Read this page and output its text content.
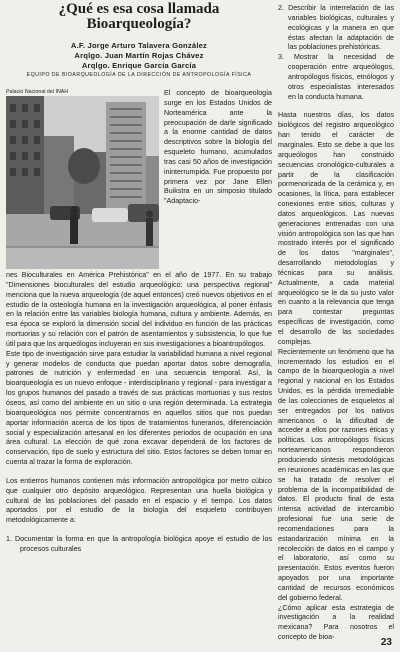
¿Qué es esa cosa llamada Bioarqueología?
A.F. Jorge Arturo Talavera González
Arqlgo. Juan Martín Rojas Chávez
Arqlgo. Enrique García García
EQUIPO DE BIOARQUEOLOGÍA DE LA DIRECCIÓN DE ANTROPOLOGÍA FÍSICA
Palacio Nacional del INAH	El concepto de bioarqueología surge en los Estados Unidos de Norteamérica ante la preocupación de darle significado a la enorme cantidad de datos descriptivos sobre la biología del esqueleto humano, acumulados tras casi 50 años de investigación ininterrumpida. Fue propuesto por primera vez por Jane Ellen Buikstra en un simposio titulado "Adaptacio-

nes Bioculturales en América Prehistórica" en el año de 1977. En su trabajo "Dimensiones bioculturales del estudio arqueológico: una perspectiva regional" menciona que la nueva arqueología (de aquel entonces) creó nuevos objetivos en el estudio de la osteología humana en la investigación arqueológica, al poner énfasis en la relación entre las variables biología humana, cultura y ambiente. Además, en esa época se exploró la dimensión social del individuo en función de las prácticas mortuorias y su relación con el patrón de asentamientos y subsistencia, lo que fue útil para que los arqueólogos incluyeran en sus investigaciones a bioantropólogos.

Este tipo de investigación sirve para estudiar la variabilidad humana a nivel regional y generar modelos de conducta que puedan aportar datos sobre demografía, patrones de nutrición y enfermedad en una secuencia temporal. Así, la bioarqueología es un nuevo enfoque - interdisciplinario y regional - para investigar a los grupos humanos del pasado a través de sus prácticas mortuorias y sus restos óseos, así como del ambiente en un sitio o una región determinada. La estrategia bioarqueológica nos permite concentrarnos en aquellos sitios que nos puedan aportar información acerca de los tipos de tratamientos funerarios, diferenciación social y especialización artesanal en los diferentes periodos de ocupación en una área cultural. La elección de qué zona excavar dependerá de los factores de conservación, tipo de suelo y estructura del sitio. Estos factores se deben tomar en cuenta al trazar la forma de exploración.

Los entierros humanos contienen más información antropológica por metro cúbico que cualquier otro depósito arqueológico. Representan una huella biológica y cultural de las poblaciones del pasado en el espacio y el tiempo. Los datos aportados por el estudio de la biología del esqueleto contribuyen metodológicamente a:

1. Documentar la forma en que la antropología biológica apoye el estudio de los procesos culturales

2. Describir la interrelación de las variables biológicas, culturales y ecológicas y la manera en que éstas afectan la adaptación de las poblaciones prehistóricas.

3. Mostrar la necesidad de cooperación entre arqueólogos, antropólogos físicos, etnólogos y otros especialistas interesados en la conducta humana.

Hasta nuestros días, los datos biológicos del registro arqueológico han tenido el carácter de marginales. Esto se debe a que los arqueólogos han construido secuencias cronológico-culturales a partir de la clasificación pormenorizada de la cerámica y, en ocasiones, la lítica, para establecer conexiones entre sitios, culturas y datos arqueológicos. Las nuevas generaciones entrenadas con una visión antropológica son las que han mostrado interés por el significado de los datos "marginales", desarrollando metodologías y técnicas para su análisis. Actualmente, a cada material arqueológico se le da su justo valor en cuanto a la relevancia que tenga para contestar preguntas específicas de investigación, como el desarrollo de las sociedades complejas.

Recientemente un fenómeno que ha incrementado los estudios en el campo de la bioarqueología a nivel regional y nacional en los Estados Unidos, es la pérdida irremediable de las colecciones de esqueletos al ser entregados por los nativos americanos o la dificultad de acceder a ellos por razones éticas y políticas. Los antropólogos físicos norteamericanos respondieron produciendo síntesis metodológicas en reuniones académicas en las que se ha tratado de resolver el problema de la incompatibilidad de datos. El producto final de esta intensa actividad de intercambio profesional fue una serie de recomendaciones para la estandarización mínima en la recolección de datos en el campo y el laboratorio, así como su presentación. Estos eventos fueron apoyados por una importante cantidad de recursos económicos del gobierno federal.

¿Cómo aplicar esta estrategia de investigación a la realidad mexicana? Para nosotros el concepto de bioa-	23
